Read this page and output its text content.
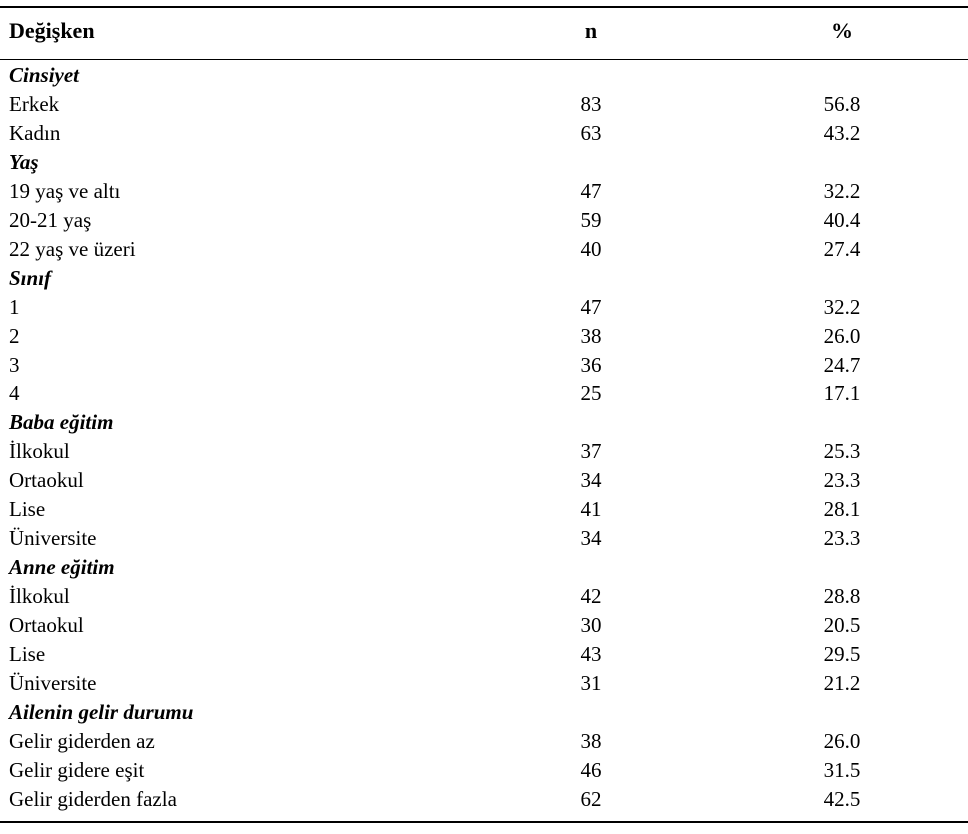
Değişken	n	%
Cinsiyet
Erkek	83	56.8
Kadın	63	43.2
Yaş
19 yaş ve altı	47	32.2
20-21 yaş	59	40.4
22 yaş ve üzeri	40	27.4
Sınıf
1	47	32.2
2	38	26.0
3	36	24.7
4	25	17.1
Baba eğitim
İlkokul	37	25.3
Ortaokul	34	23.3
Lise	41	28.1
Üniversite	34	23.3
Anne eğitim
İlkokul	42	28.8
Ortaokul	30	20.5
Lise	43	29.5
Üniversite	31	21.2
Ailenin gelir durumu
Gelir giderden az	38	26.0
Gelir gidere eşit	46	31.5
Gelir giderden fazla	62	42.5
